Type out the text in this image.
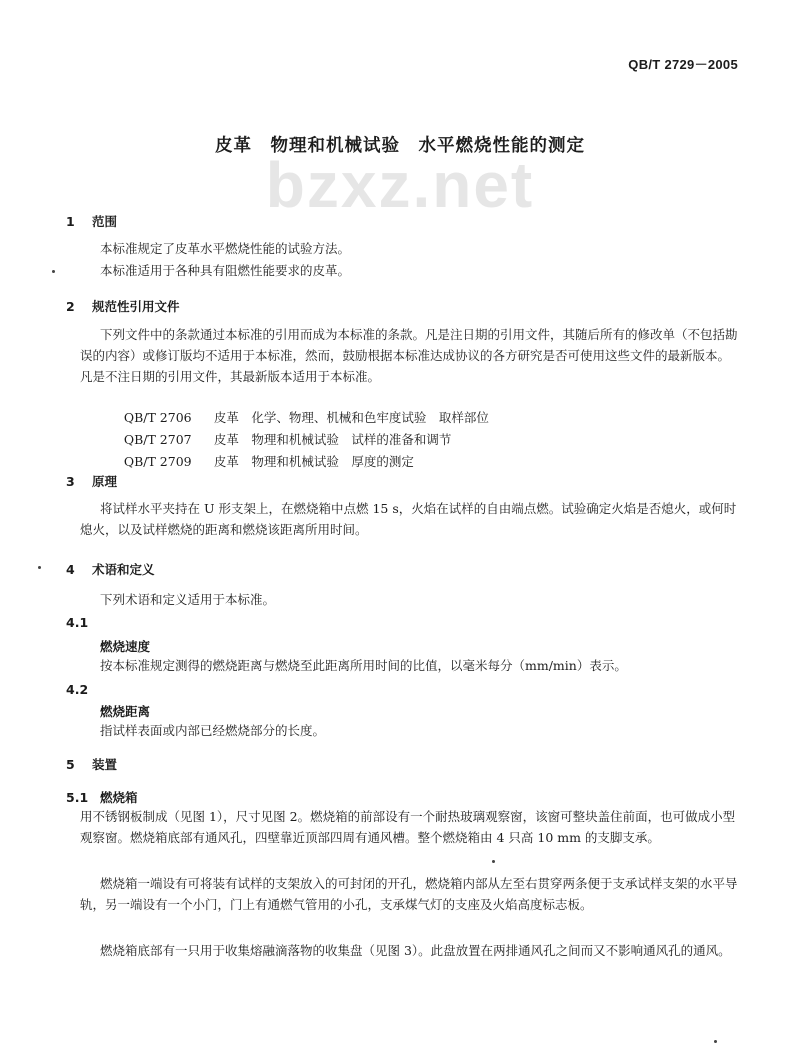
bzxz.net
QB/T 2729－2005
皮革　物理和机械试验　水平燃烧性能的测定
1 范围
本标准规定了皮革水平燃烧性能的试验方法。
本标准适用于各种具有阻燃性能要求的皮革。
2 规范性引用文件
下列文件中的条款通过本标准的引用而成为本标准的条款。凡是注日期的引用文件，其随后所有的修改单（不包括勘误的内容）或修订版均不适用于本标准，然而，鼓励根据本标准达成协议的各方研究是否可使用这些文件的最新版本。凡是不注日期的引用文件，其最新版本适用于本标准。

QB/T 2706 皮革　化学、物理、机械和色牢度试验　取样部位

QB/T 2707 皮革　物理和机械试验　试样的准备和调节

QB/T 2709 皮革　物理和机械试验　厚度的测定

3 原理
将试样水平夹持在 U 形支架上，在燃烧箱中点燃 15 s，火焰在试样的自由端点燃。试验确定火焰是否熄火，或何时熄火，以及试样燃烧的距离和燃烧该距离所用时间。
4 术语和定义
下列术语和定义适用于本标准。
4.1
燃烧速度
按本标准规定测得的燃烧距离与燃烧至此距离所用时间的比值，以毫米每分（mm/min）表示。
4.2
燃烧距离
指试样表面或内部已经燃烧部分的长度。
5 装置
5.1 燃烧箱
用不锈钢板制成（见图 1），尺寸见图 2。燃烧箱的前部设有一个耐热玻璃观察窗，该窗可整块盖住前面，也可做成小型观察窗。燃烧箱底部有通风孔，四壁靠近顶部四周有通风槽。整个燃烧箱由 4 只高 10 mm 的支脚支承。
燃烧箱一端设有可将装有试样的支架放入的可封闭的开孔，燃烧箱内部从左至右贯穿两条便于支承试样支架的水平导轨，另一端设有一个小门，门上有通燃气管用的小孔，支承煤气灯的支座及火焰高度标志板。
燃烧箱底部有一只用于收集熔融滴落物的收集盘（见图 3）。此盘放置在两排通风孔之间而又不影响通风孔的通风。
